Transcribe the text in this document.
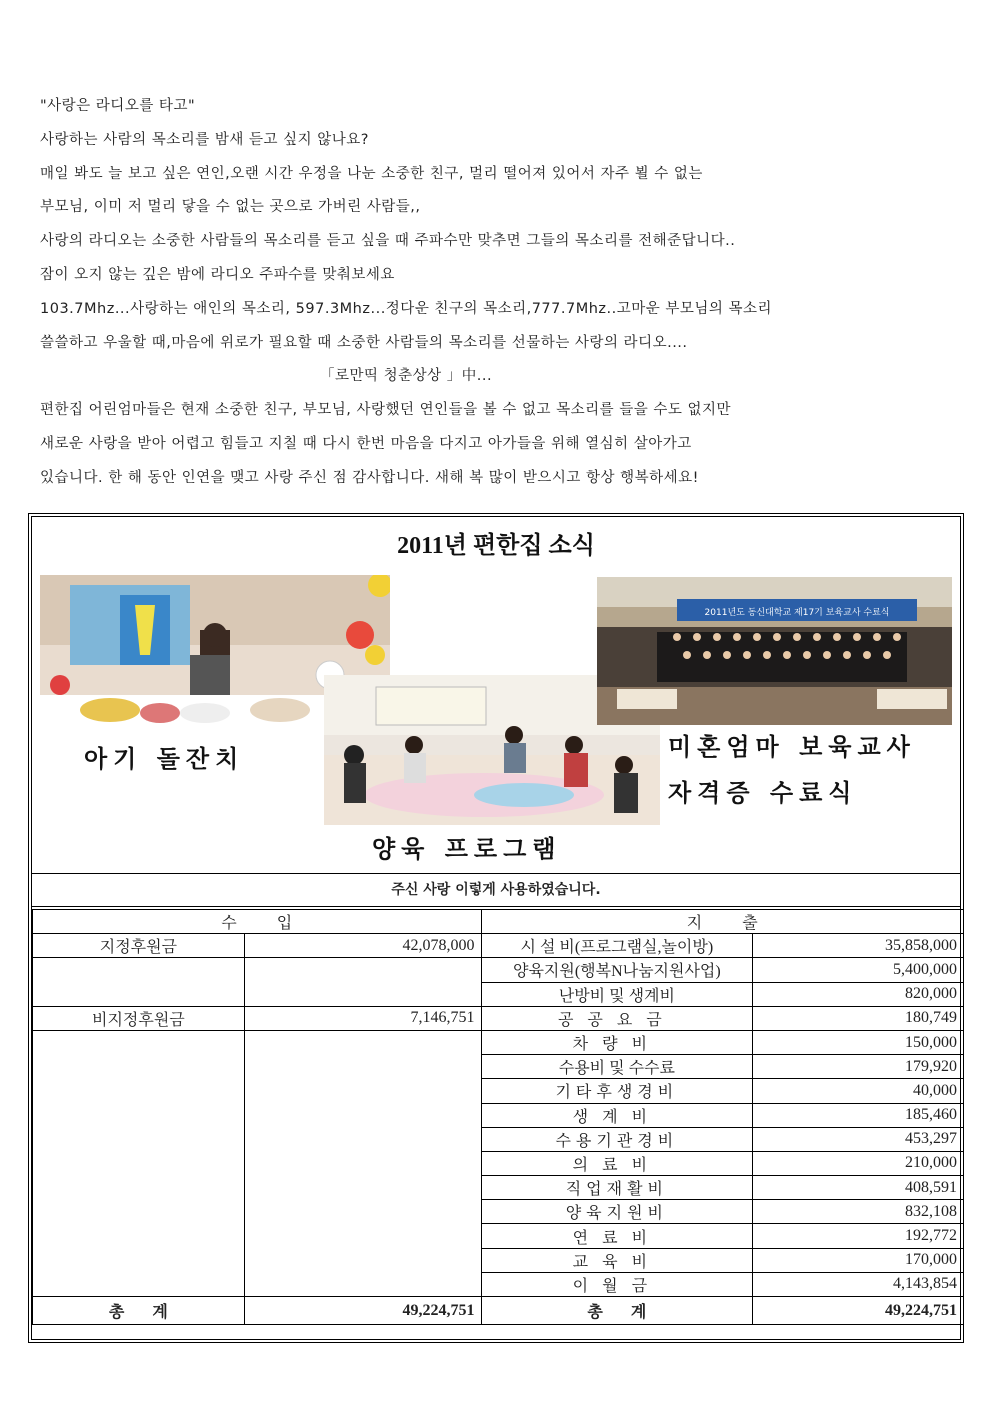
"사랑은 라디오를 타고"
사랑하는 사람의 목소리를 밤새 듣고 싶지 않나요?
매일 봐도 늘 보고 싶은 연인,오랜 시간 우정을 나눈 소중한 친구, 멀리 떨어져 있어서 자주 뵐 수 없는
부모님, 이미 저 멀리 닿을 수 없는 곳으로 가버린 사람들,,
사랑의 라디오는 소중한 사람들의 목소리를 듣고 싶을 때 주파수만 맞추면 그들의 목소리를 전해준답니다..
잠이 오지 않는 깊은 밤에 라디오 주파수를 맞춰보세요
103.7Mhz...사랑하는 애인의 목소리, 597.3Mhz...정다운 친구의 목소리,777.7Mhz..고마운 부모님의 목소리
쓸쓸하고 우울할 때,마음에 위로가 필요할 때 소중한 사람들의 목소리를 선물하는 사랑의 라디오....
「로만띡 청춘상상 」中...
편한집 어린엄마들은 현재 소중한 친구, 부모님, 사랑했던 연인들을 볼 수 없고 목소리를 들을 수도 없지만
새로운 사랑을 받아 어렵고 힘들고 지칠 때 다시 한번 마음을 다지고 아가들을 위해 열심히 살아가고
있습니다. 한 해 동안 인연을 맺고 사랑 주신 점 감사합니다. 새해 복 많이 받으시고 항상 행복하세요!
2011년 편한집 소식
2011년도 동신대학교 제17기 보육교사 수료식
아기 돌잔치
양육 프로그램
미혼엄마 보육교사
자격증 수료식
주신 사랑 이렇게 사용하였습니다.
수          입		지          출	
지정후원금	42,078,000	시 설 비(프로그램실,놀이방)	35,858,000
		양육지원(행복N나눔지원사업)	5,400,000
		난방비 및 생계비	820,000
비지정후원금	7,146,751	공공요금	180,749
		차량비	150,000
		수용비 및 수수료	179,920
		기타후생경비	40,000
		생계비	185,460
		수용기관경비	453,297
		의료비	210,000
		직업재활비	408,591
		양육지원비	832,108
		연료비	192,772
		교육비	170,000
		이월금	4,143,854
총       계	49,224,751	총       계	49,224,751
